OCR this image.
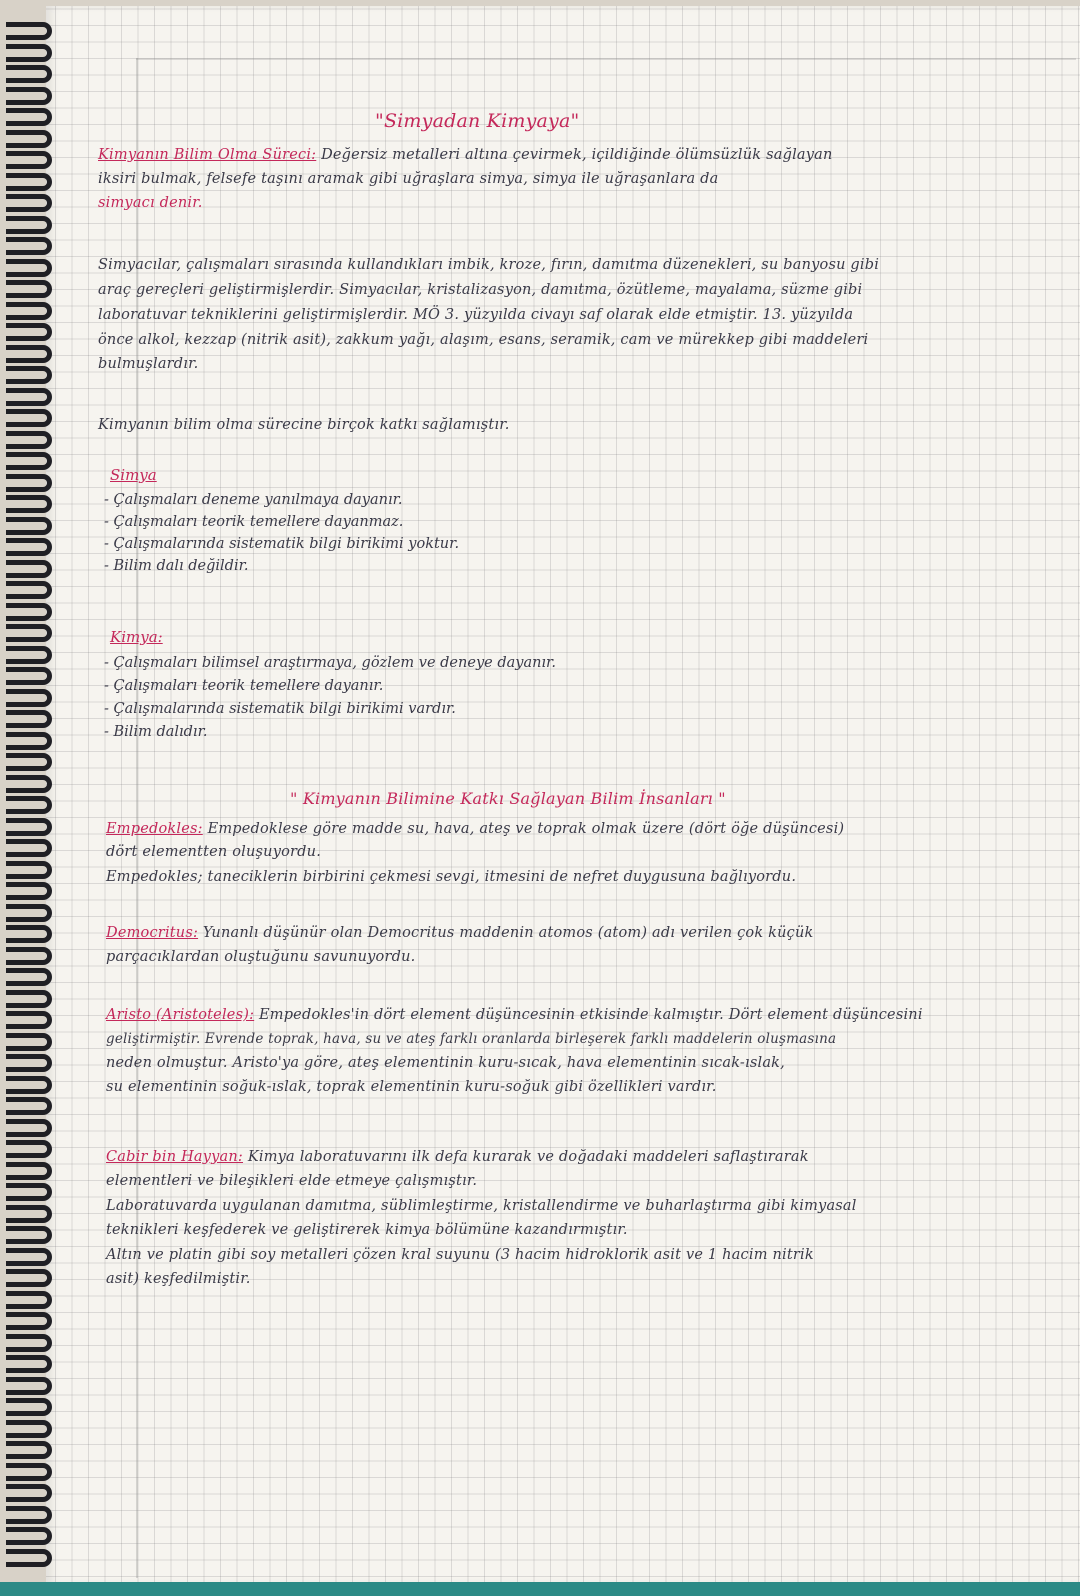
"Simyadan Kimyaya"
Kimyanın Bilim Olma Süreci: Değersiz metalleri altına çevirmek, içildiğinde ölümsüzlük sağlayan
iksiri bulmak, felsefe taşını aramak gibi uğraşlara simya, simya ile uğraşanlara da
simyacı denir.
Simyacılar, çalışmaları sırasında kullandıkları imbik, kroze, fırın, damıtma düzenekleri, su banyosu gibi
araç gereçleri geliştirmişlerdir. Simyacılar, kristalizasyon, damıtma, özütleme, mayalama, süzme gibi
laboratuvar tekniklerini geliştirmişlerdir. MÖ 3. yüzyılda civayı saf olarak elde etmiştir. 13. yüzyılda
önce alkol, kezzap (nitrik asit), zakkum yağı, alaşım, esans, seramik, cam ve mürekkep gibi maddeleri
bulmuşlardır.
Kimyanın bilim olma sürecine birçok katkı sağlamıştır.
Simya
- Çalışmaları deneme yanılmaya dayanır.
- Çalışmaları teorik temellere dayanmaz.
- Çalışmalarında sistematik bilgi birikimi yoktur.
- Bilim dalı değildir.
Kimya:
- Çalışmaları bilimsel araştırmaya, gözlem ve deneye dayanır.
- Çalışmaları teorik temellere dayanır.
- Çalışmalarında sistematik bilgi birikimi vardır.
- Bilim dalıdır.
" Kimyanın Bilimine Katkı Sağlayan Bilim İnsanları "
Empedokles: Empedoklese göre madde su, hava, ateş ve toprak olmak üzere (dört öğe düşüncesi)
dört elementten oluşuyordu.
Empedokles; taneciklerin birbirini çekmesi sevgi, itmesini de nefret duygusuna bağlıyordu.
Democritus: Yunanlı düşünür olan Democritus maddenin atomos (atom) adı verilen çok küçük
parçacıklardan oluştuğunu savunuyordu.
Aristo (Aristoteles): Empedokles'in dört element düşüncesinin etkisinde kalmıştır. Dört element düşüncesini
geliştirmiştir. Evrende toprak, hava, su ve ateş farklı oranlarda birleşerek farklı maddelerin oluşmasına
neden olmuştur. Aristo'ya göre, ateş elementinin kuru-sıcak, hava elementinin sıcak-ıslak,
su elementinin soğuk-ıslak, toprak elementinin kuru-soğuk gibi özellikleri vardır.
Cabir bin Hayyan: Kimya laboratuvarını ilk defa kurarak ve doğadaki maddeleri saflaştırarak
elementleri ve bileşikleri elde etmeye çalışmıştır.
Laboratuvarda uygulanan damıtma, süblimleştirme, kristallendirme ve buharlaştırma gibi kimyasal
teknikleri keşfederek ve geliştirerek kimya bölümüne kazandırmıştır.
Altın ve platin gibi soy metalleri çözen kral suyunu (3 hacim hidroklorik asit ve 1 hacim nitrik
asit) keşfedilmiştir.
